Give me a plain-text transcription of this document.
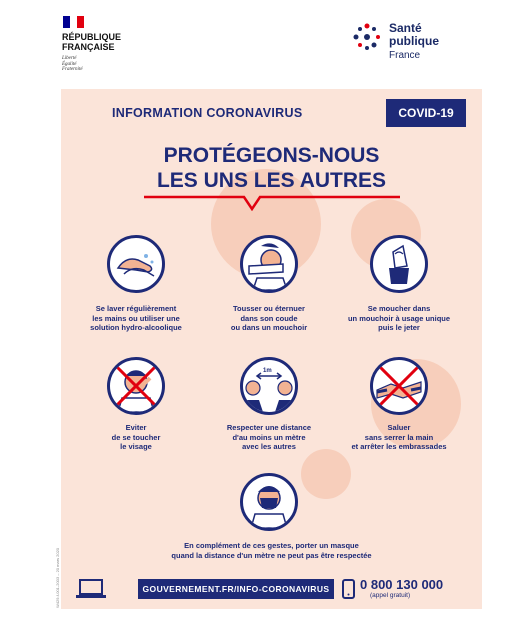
RÉPUBLIQUE
FRANÇAISE
Liberté
Égalité
Fraternité
Santé
publique
France
W429-f-001-2003 – 20 mars 2020
INFORMATION CORONAVIRUS	COVID-19
PROTÉGEONS-NOUS
LES UNS LES AUTRES
Se laver régulièrement
les mains ou utiliser une
solution hydro-alcoolique
Tousser ou éternuer
dans son coude
ou dans un mouchoir
Se moucher dans
un mouchoir à usage unique
puis le jeter
1m
Eviter
de se toucher
le visage
Respecter une distance
d'au moins un mètre
avec les autres
Saluer
sans serrer la main
et arrêter les embrassades
En complément de ces gestes, porter un masque
quand la distance d'un mètre ne peut pas être respectée
GOUVERNEMENT.FR/INFO-CORONAVIRUS	0 800 130 000
(appel gratuit)
